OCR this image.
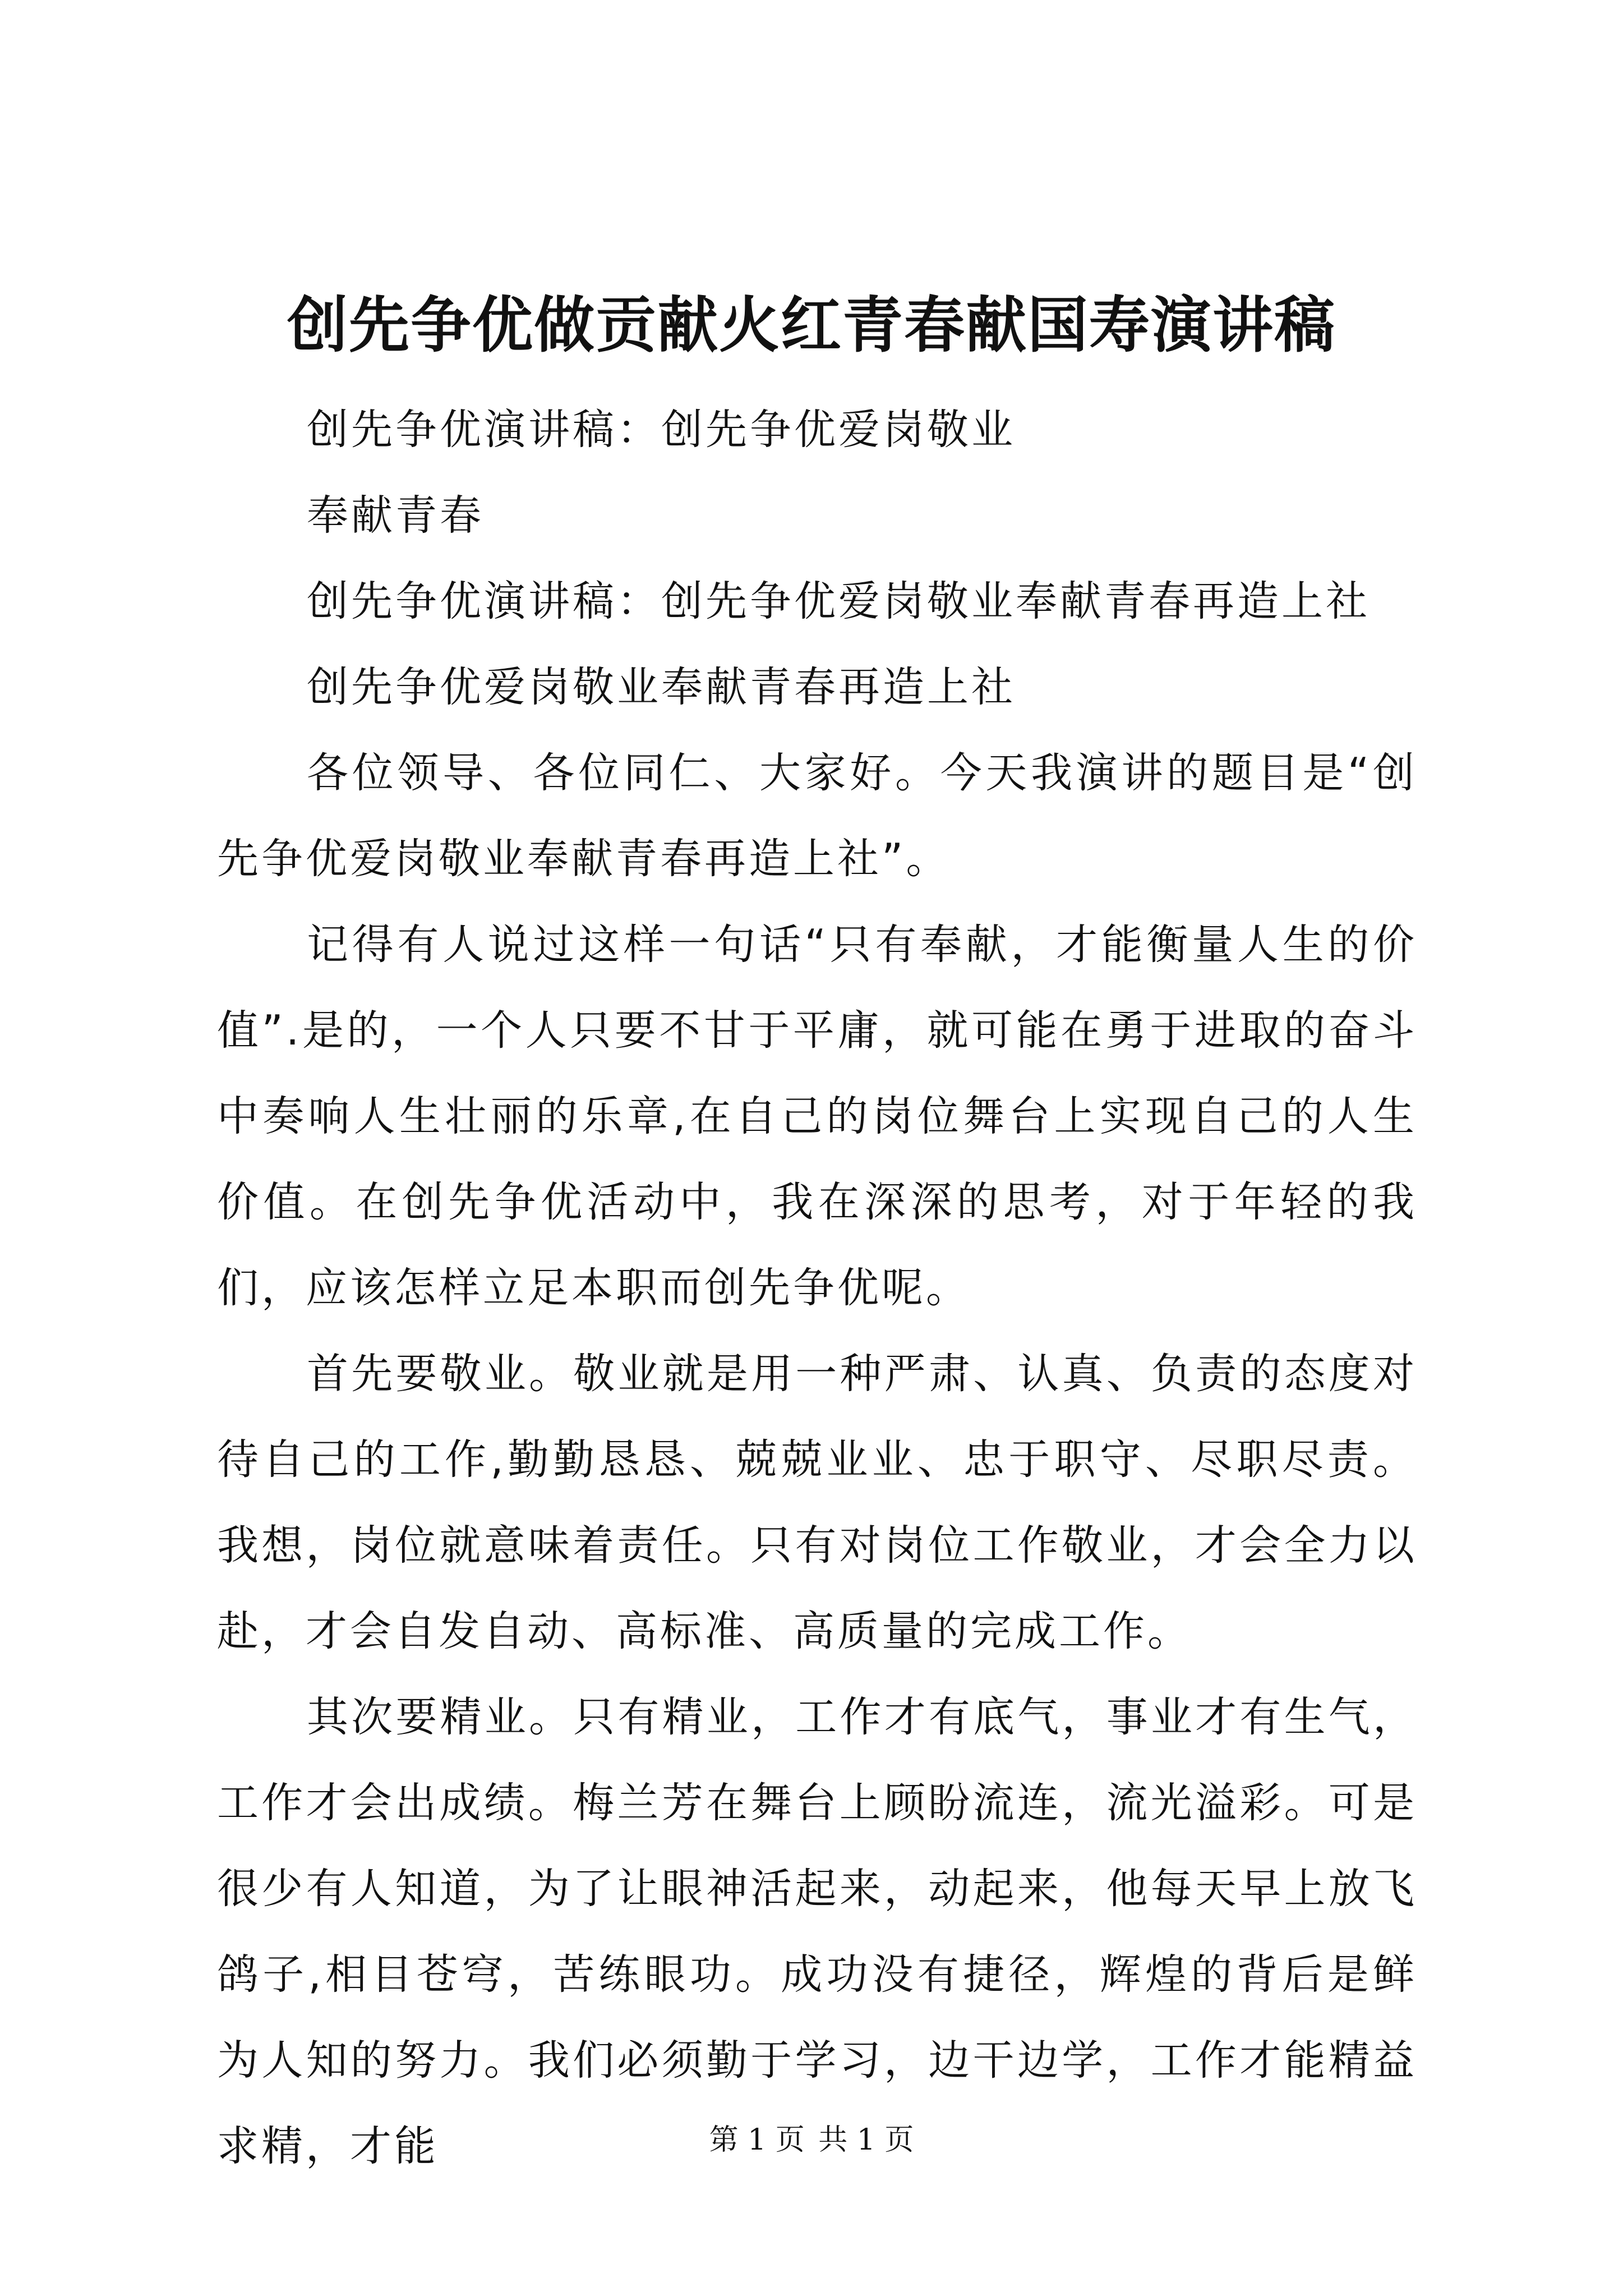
创先争优做贡献火红青春献国寿演讲稿

创先争优演讲稿：创先争优爱岗敬业

奉献青春

创先争优演讲稿：创先争优爱岗敬业奉献青春再造上社

创先争优爱岗敬业奉献青春再造上社

各位领导、各位同仁、大家好。今天我演讲的题目是“创先争优爱岗敬业奉献青春再造上社”。

记得有人说过这样一句话“只有奉献，才能衡量人生的价值”.是的，一个人只要不甘于平庸，就可能在勇于进取的奋斗中奏响人生壮丽的乐章,在自己的岗位舞台上实现自己的人生价值。在创先争优活动中，我在深深的思考，对于年轻的我们，应该怎样立足本职而创先争优呢。

首先要敬业。敬业就是用一种严肃、认真、负责的态度对待自己的工作,勤勤恳恳、兢兢业业、忠于职守、尽职尽责。我想，岗位就意味着责任。只有对岗位工作敬业，才会全力以赴，才会自发自动、高标准、高质量的完成工作。

其次要精业。只有精业，工作才有底气，事业才有生气，工作才会出成绩。梅兰芳在舞台上顾盼流连，流光溢彩。可是很少有人知道，为了让眼神活起来，动起来，他每天早上放飞鸽子,相目苍穹，苦练眼功。成功没有捷径，辉煌的背后是鲜为人知的努力。我们必须勤于学习，边干边学，工作才能精益求精，才能	第 1 页 共 1 页
